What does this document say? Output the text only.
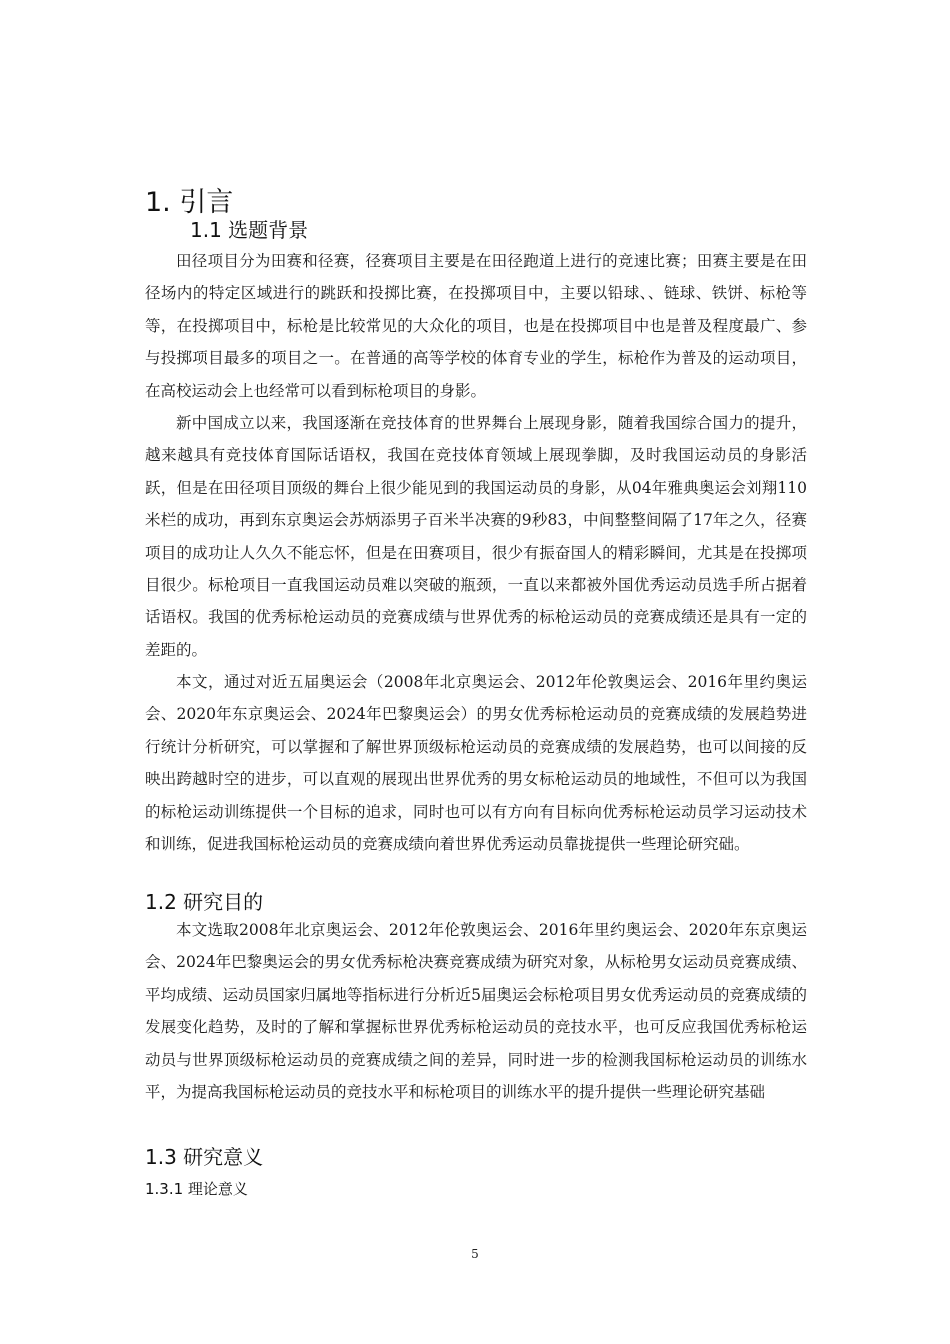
1. 引言
1.1 选题背景
田径项目分为田赛和径赛，径赛项目主要是在田径跑道上进行的竞速比赛；田赛主要是在田径场内的特定区域进行的跳跃和投掷比赛，在投掷项目中，主要以铅球、、链球、铁饼、标枪等等，在投掷项目中，标枪是比较常见的大众化的项目，也是在投掷项目中也是普及程度最广、参与投掷项目最多的项目之一。在普通的高等学校的体育专业的学生，标枪作为普及的运动项目，在高校运动会上也经常可以看到标枪项目的身影。
新中国成立以来，我国逐渐在竞技体育的世界舞台上展现身影，随着我国综合国力的提升，越来越具有竞技体育国际话语权，我国在竞技体育领域上展现拳脚，及时我国运动员的身影活跃，但是在田径项目顶级的舞台上很少能见到的我国运动员的身影，从04年雅典奥运会刘翔110米栏的成功，再到东京奥运会苏炳添男子百米半决赛的9秒83，中间整整间隔了17年之久，径赛项目的成功让人久久不能忘怀，但是在田赛项目，很少有振奋国人的精彩瞬间，尤其是在投掷项目很少。标枪项目一直我国运动员难以突破的瓶颈，一直以来都被外国优秀运动员选手所占据着话语权。我国的优秀标枪运动员的竞赛成绩与世界优秀的标枪运动员的竞赛成绩还是具有一定的差距的。
本文，通过对近五届奥运会（2008年北京奥运会、2012年伦敦奥运会、2016年里约奥运会、2020年东京奥运会、2024年巴黎奥运会）的男女优秀标枪运动员的竞赛成绩的发展趋势进行统计分析研究，可以掌握和了解世界顶级标枪运动员的竞赛成绩的发展趋势，也可以间接的反映出跨越时空的进步，可以直观的展现出世界优秀的男女标枪运动员的地域性，不但可以为我国的标枪运动训练提供一个目标的追求，同时也可以有方向有目标向优秀标枪运动员学习运动技术和训练，促进我国标枪运动员的竞赛成绩向着世界优秀运动员靠拢提供一些理论研究础。
1.2 研究目的
本文选取2008年北京奥运会、2012年伦敦奥运会、2016年里约奥运会、2020年东京奥运会、2024年巴黎奥运会的男女优秀标枪决赛竞赛成绩为研究对象，从标枪男女运动员竞赛成绩、平均成绩、运动员国家归属地等指标进行分析近5届奥运会标枪项目男女优秀运动员的竞赛成绩的发展变化趋势，及时的了解和掌握标世界优秀标枪运动员的竞技水平，也可反应我国优秀标枪运动员与世界顶级标枪运动员的竞赛成绩之间的差异，同时进一步的检测我国标枪运动员的训练水平，为提高我国标枪运动员的竞技水平和标枪项目的训练水平的提升提供一些理论研究基础
1.3 研究意义
1.3.1 理论意义
5
